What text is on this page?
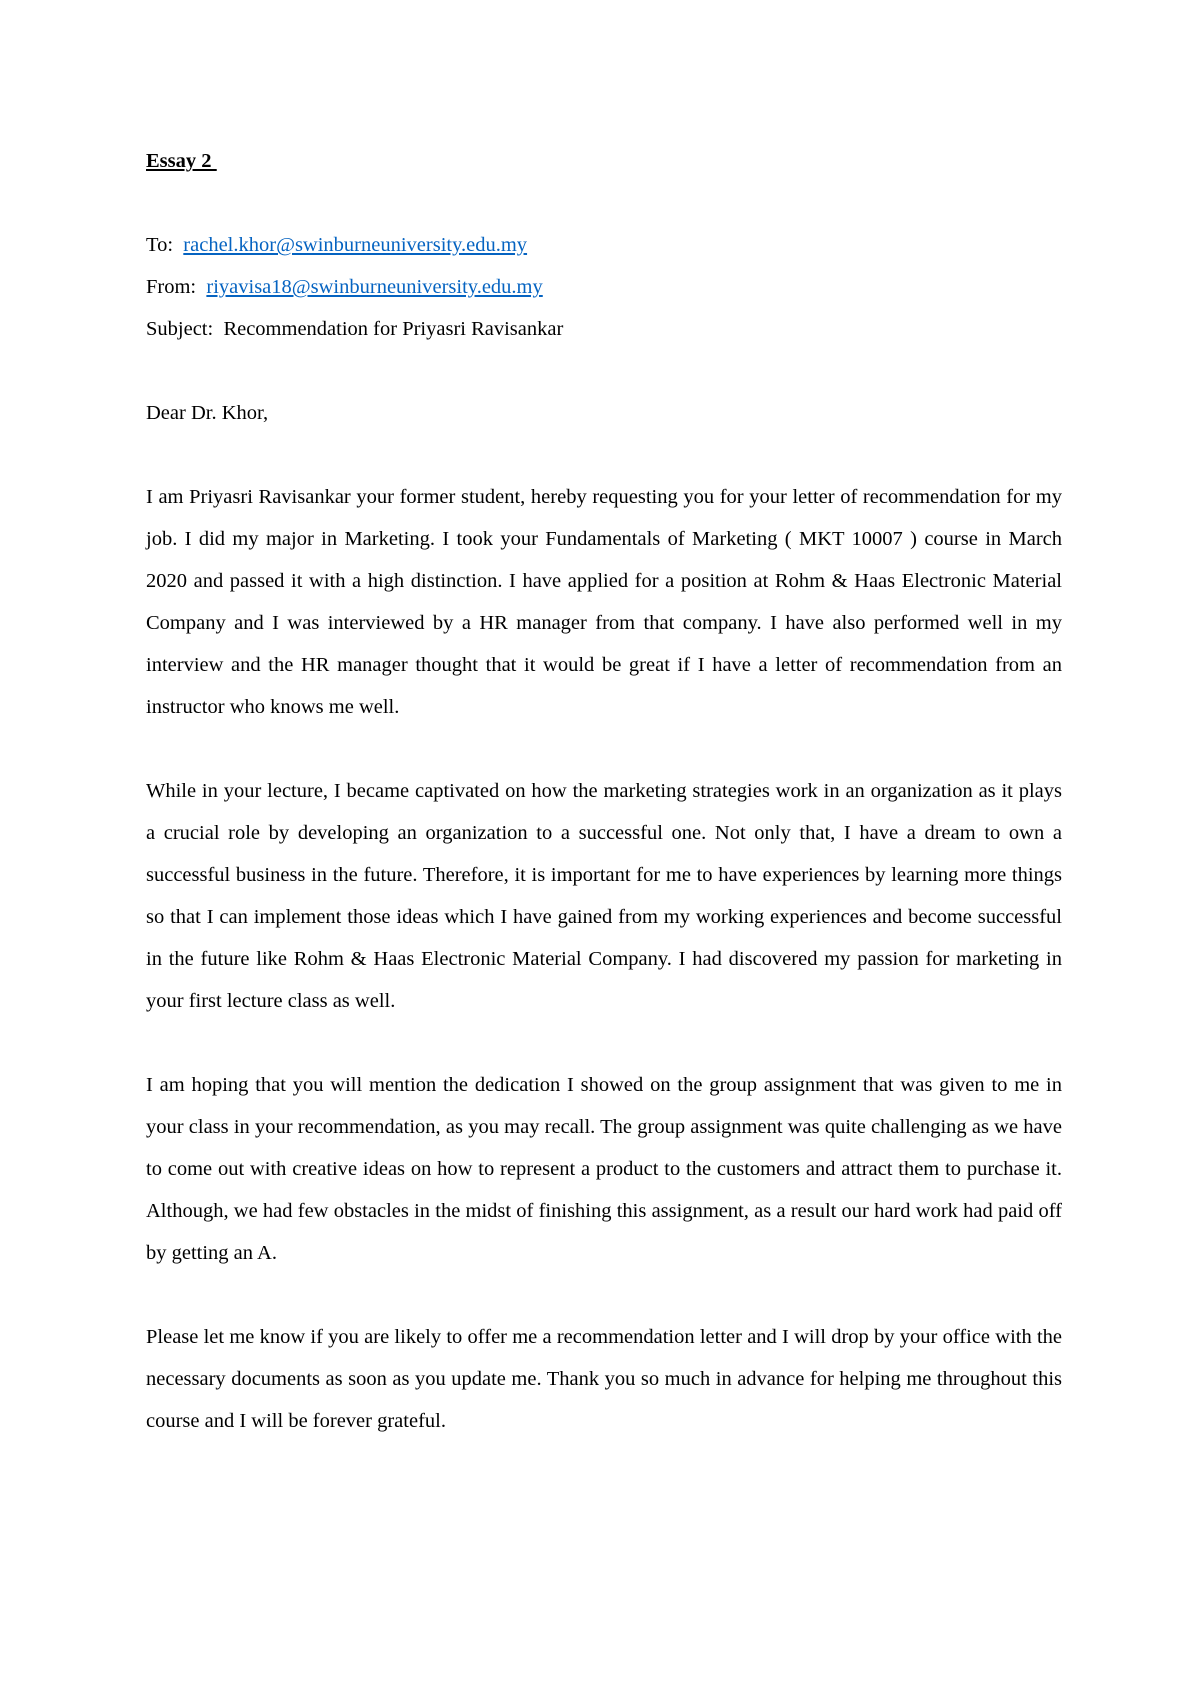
Essay 2

To:  rachel.khor@swinburneuniversity.edu.my

From:  riyavisa18@swinburneuniversity.edu.my

Subject:  Recommendation for Priyasri Ravisankar

Dear Dr. Khor,

I am Priyasri Ravisankar your former student, hereby requesting you for your letter of recommendation for my job. I did my major in Marketing. I took your Fundamentals of Marketing ( MKT 10007 ) course in March 2020 and passed it with a high distinction. I have applied for a position at Rohm & Haas Electronic Material Company and I was interviewed by a HR manager from that company. I have also performed well in my interview and the HR manager thought that it would be great if I have a letter of recommendation from an instructor who knows me well.

While in your lecture, I became captivated on how the marketing strategies work in an organization as it plays a crucial role by developing an organization to a successful one. Not only that, I have a dream to own a successful business in the future. Therefore, it is important for me to have experiences by learning more things so that I can implement those ideas which I have gained from my working experiences and become successful in the future like Rohm & Haas Electronic Material Company. I had discovered my passion for marketing in your first lecture class as well.

I am hoping that you will mention the dedication I showed on the group assignment that was given to me in your class in your recommendation, as you may recall. The group assignment was quite challenging as we have to come out with creative ideas on how to represent a product to the customers and attract them to purchase it. Although, we had few obstacles in the midst of finishing this assignment, as a result our hard work had paid off by getting an A.

Please let me know if you are likely to offer me a recommendation letter and I will drop by your office with the necessary documents as soon as you update me. Thank you so much in advance for helping me throughout this course and I will be forever grateful.
